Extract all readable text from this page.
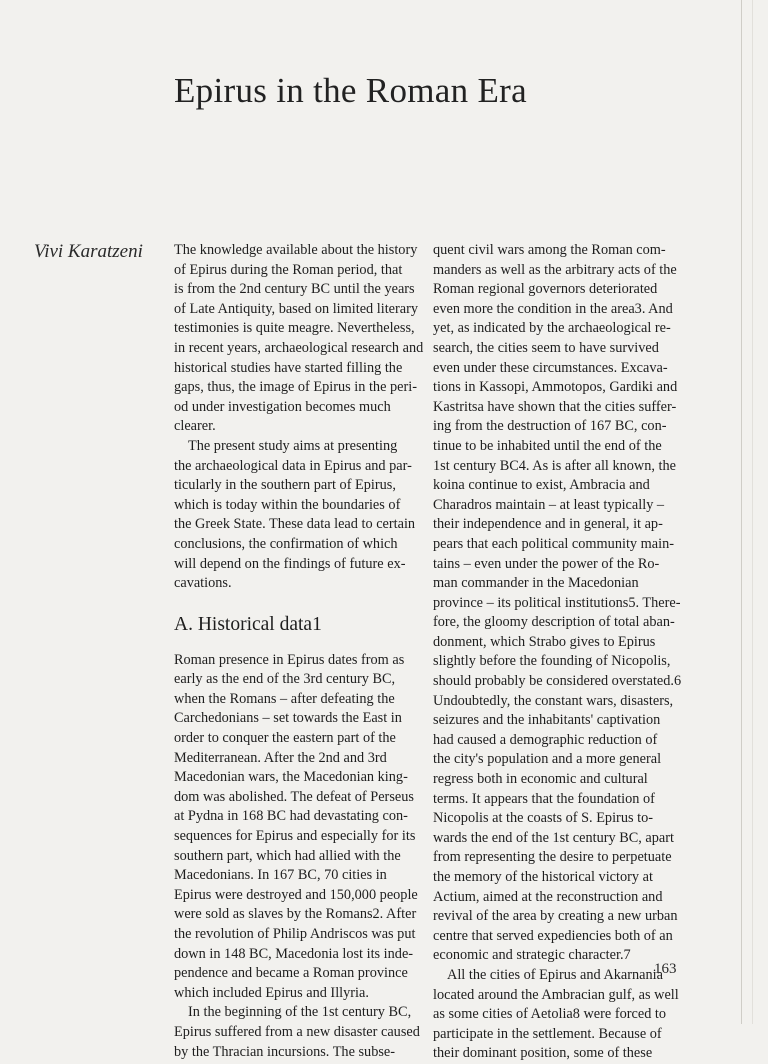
Epirus in the Roman Era
Vivi Karatzeni	The knowledge available about the history
of Epirus during the Roman period, that
is from the 2nd century BC until the years
of Late Antiquity, based on limited literary
testimonies is quite meagre. Nevertheless,
in recent years, archaeological research and
historical studies have started filling the
gaps, thus, the image of Epirus in the peri-
od under investigation becomes much
clearer.
The present study aims at presenting
the archaeological data in Epirus and par-
ticularly in the southern part of Epirus,
which is today within the boundaries of
the Greek State. These data lead to certain
conclusions, the confirmation of which
will depend on the findings of future ex-
cavations.
A. Historical data1
Roman presence in Epirus dates from as
early as the end of the 3rd century BC,
when the Romans – after defeating the
Carchedonians – set towards the East in
order to conquer the eastern part of the
Mediterranean. After the 2nd and 3rd
Macedonian wars, the Macedonian king-
dom was abolished. The defeat of Perseus
at Pydna in 168 BC had devastating con-
sequences for Epirus and especially for its
southern part, which had allied with the
Macedonians. In 167 BC, 70 cities in
Epirus were destroyed and 150,000 people
were sold as slaves by the Romans2. After
the revolution of Philip Andriscos was put
down in 148 BC, Macedonia lost its inde-
pendence and became a Roman province
which included Epirus and Illyria.
In the beginning of the 1st century BC,
Epirus suffered from a new disaster caused
by the Thracian incursions. The subse-
quent civil wars among the Roman com-
manders as well as the arbitrary acts of the
Roman regional governors deteriorated
even more the condition in the area3. And
yet, as indicated by the archaeological re-
search, the cities seem to have survived
even under these circumstances. Excava-
tions in Kassopi, Ammotopos, Gardiki and
Kastritsa have shown that the cities suffer-
ing from the destruction of 167 BC, con-
tinue to be inhabited until the end of the
1st century BC4. As is after all known, the
koina continue to exist, Ambracia and
Charadros maintain – at least typically –
their independence and in general, it ap-
pears that each political community main-
tains – even under the power of the Ro-
man commander in the Macedonian
province – its political institutions5. There-
fore, the gloomy description of total aban-
donment, which Strabo gives to Epirus
slightly before the founding of Nicopolis,
should probably be considered overstated.6
Undoubtedly, the constant wars, disasters,
seizures and the inhabitants' captivation
had caused a demographic reduction of
the city's population and a more general
regress both in economic and cultural
terms. It appears that the foundation of
Nicopolis at the coasts of S. Epirus to-
wards the end of the 1st century BC, apart
from representing the desire to perpetuate
the memory of the historical victory at
Actium, aimed at the reconstruction and
revival of the area by creating a new urban
centre that served expediencies both of an
economic and strategic character.7
All the cities of Epirus and Akarnania
located around the Ambracian gulf, as well
as some cities of Aetolia8 were forced to
participate in the settlement. Because of
their dominant position, some of these
163
